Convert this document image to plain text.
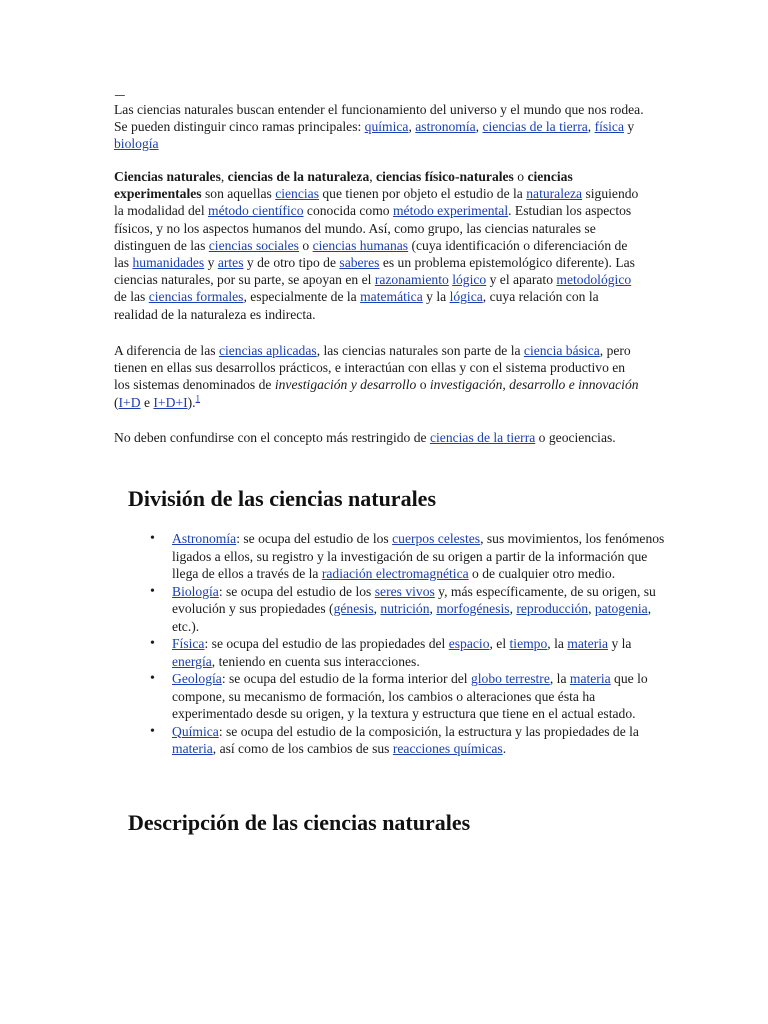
ـــ

Las ciencias naturales buscan entender el funcionamiento del universo y el mundo que nos rodea. Se pueden distinguir cinco ramas principales: química, astronomía, ciencias de la tierra, física y biología

Ciencias naturales, ciencias de la naturaleza, ciencias físico-naturales o ciencias experimentales son aquellas ciencias que tienen por objeto el estudio de la naturaleza siguiendo la modalidad del método científico conocida como método experimental. Estudian los aspectos físicos, y no los aspectos humanos del mundo. Así, como grupo, las ciencias naturales se distinguen de las ciencias sociales o ciencias humanas (cuya identificación o diferenciación de las humanidades y artes y de otro tipo de saberes es un problema epistemológico diferente). Las ciencias naturales, por su parte, se apoyan en el razonamiento lógico y el aparato metodológico de las ciencias formales, especialmente de la matemática y la lógica, cuya relación con la realidad de la naturaleza es indirecta.

A diferencia de las ciencias aplicadas, las ciencias naturales son parte de la ciencia básica, pero tienen en ellas sus desarrollos prácticos, e interactúan con ellas y con el sistema productivo en los sistemas denominados de investigación y desarrollo o investigación, desarrollo e innovación (I+D e I+D+I).$^1$

No deben confundirse con el concepto más restringido de ciencias de la tierra o geociencias.

División de las ciencias naturales
• Astronomía: se ocupa del estudio de los cuerpos celestes, sus movimientos, los fenómenos ligados a ellos, su registro y la investigación de su origen a partir de la información que llega de ellos a través de la radiación electromagnética o de cualquier otro medio.
• Biología: se ocupa del estudio de los seres vivos y, más específicamente, de su origen, su evolución y sus propiedades (génesis, nutrición, morfogénesis, reproducción, patogenia, etc.).
• Física: se ocupa del estudio de las propiedades del espacio, el tiempo, la materia y la energía, teniendo en cuenta sus interacciones.
• Geología: se ocupa del estudio de la forma interior del globo terrestre, la materia que lo compone, su mecanismo de formación, los cambios o alteraciones que ésta ha experimentado desde su origen, y la textura y estructura que tiene en el actual estado.
• Química: se ocupa del estudio de la composición, la estructura y las propiedades de la materia, así como de los cambios de sus reacciones químicas.
Descripción de las ciencias naturales
